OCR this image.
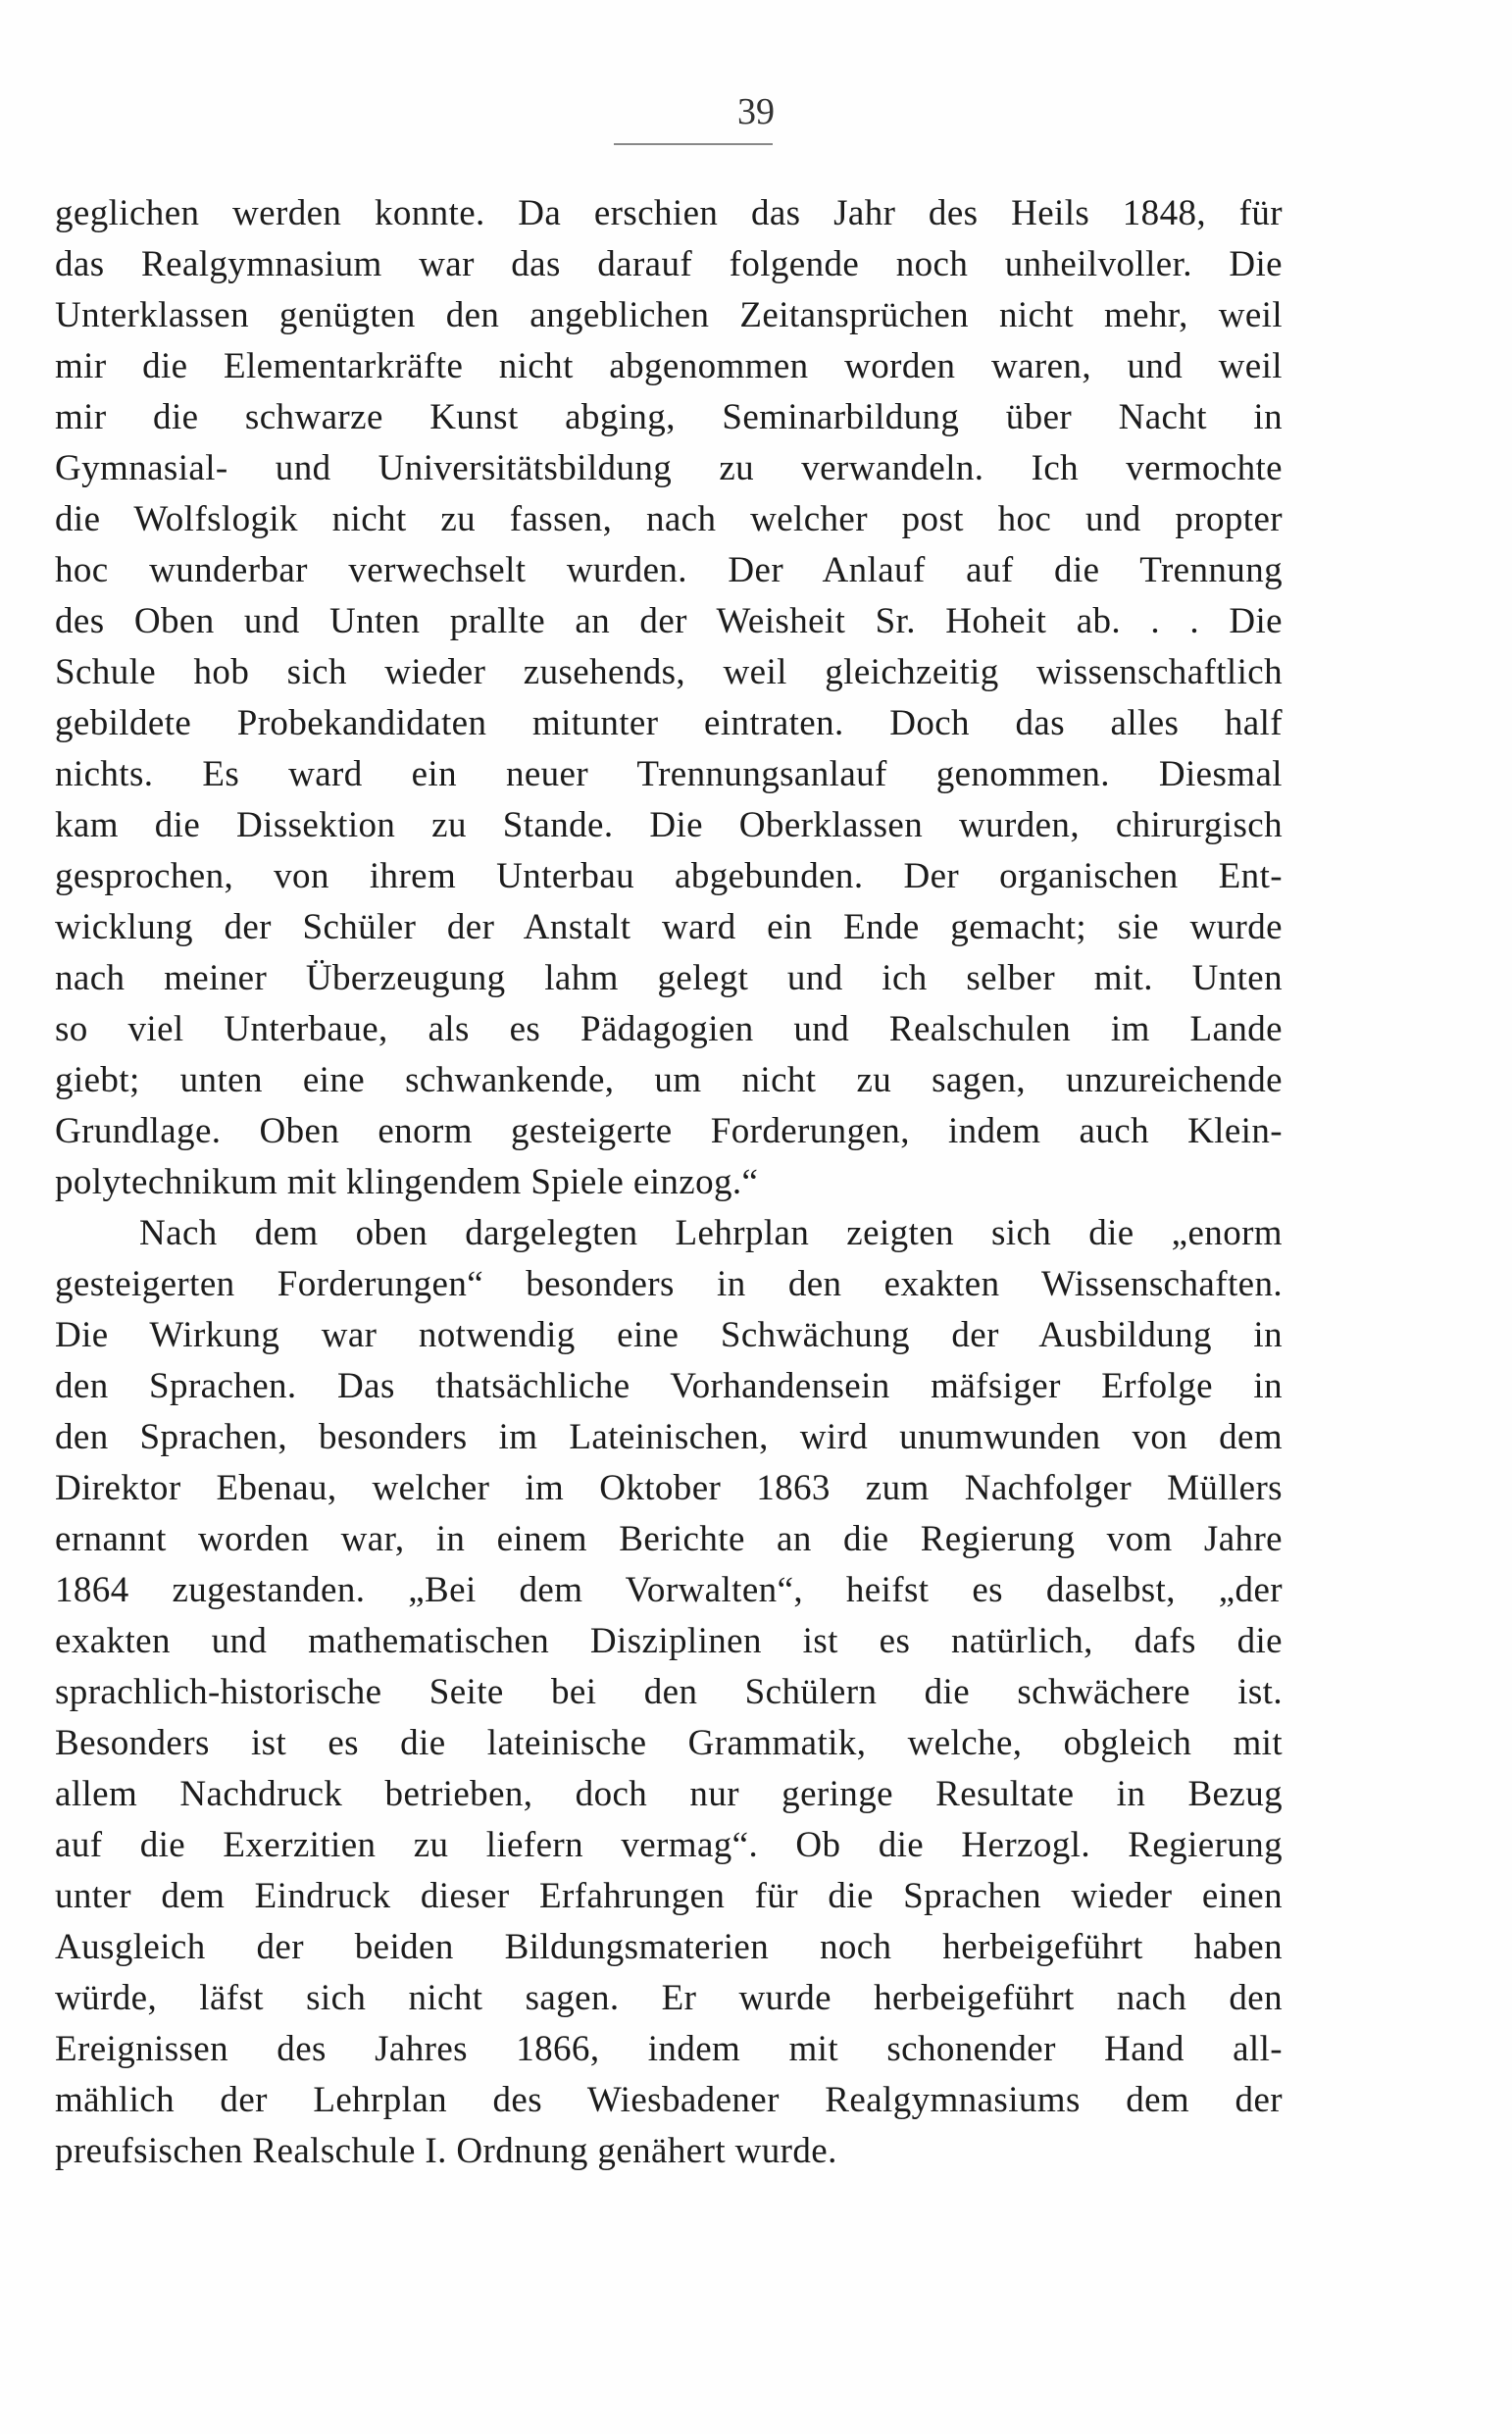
39
geglichen werden konnte. Da erschien das Jahr des Heils 1848, für
das Realgymnasium war das darauf folgende noch unheilvoller. Die
Unterklassen genügten den angeblichen Zeitansprüchen nicht mehr, weil
mir die Elementarkräfte nicht abgenommen worden waren, und weil
mir die schwarze Kunst abging, Seminarbildung über Nacht in
Gymnasial- und Universitätsbildung zu verwandeln. Ich vermochte
die Wolfslogik nicht zu fassen, nach welcher post hoc und propter
hoc wunderbar verwechselt wurden. Der Anlauf auf die Trennung
des Oben und Unten prallte an der Weisheit Sr. Hoheit ab. . . Die
Schule hob sich wieder zusehends, weil gleichzeitig wissenschaftlich
gebildete Probekandidaten mitunter eintraten. Doch das alles half
nichts. Es ward ein neuer Trennungsanlauf genommen. Diesmal
kam die Dissektion zu Stande. Die Oberklassen wurden, chirurgisch
gesprochen, von ihrem Unterbau abgebunden. Der organischen Ent-
wicklung der Schüler der Anstalt ward ein Ende gemacht; sie wurde
nach meiner Überzeugung lahm gelegt und ich selber mit. Unten
so viel Unterbaue, als es Pädagogien und Realschulen im Lande
giebt; unten eine schwankende, um nicht zu sagen, unzureichende
Grundlage. Oben enorm gesteigerte Forderungen, indem auch Klein-
polytechnikum mit klingendem Spiele einzog.“
Nach dem oben dargelegten Lehrplan zeigten sich die „enorm
gesteigerten Forderungen“ besonders in den exakten Wissenschaften.
Die Wirkung war notwendig eine Schwächung der Ausbildung in
den Sprachen. Das thatsächliche Vorhandensein mäfsiger Erfolge in
den Sprachen, besonders im Lateinischen, wird unumwunden von dem
Direktor Ebenau, welcher im Oktober 1863 zum Nachfolger Müllers
ernannt worden war, in einem Berichte an die Regierung vom Jahre
1864 zugestanden. „Bei dem Vorwalten“, heifst es daselbst, „der
exakten und mathematischen Disziplinen ist es natürlich, dafs die
sprachlich-historische Seite bei den Schülern die schwächere ist.
Besonders ist es die lateinische Grammatik, welche, obgleich mit
allem Nachdruck betrieben, doch nur geringe Resultate in Bezug
auf die Exerzitien zu liefern vermag“. Ob die Herzogl. Regierung
unter dem Eindruck dieser Erfahrungen für die Sprachen wieder einen
Ausgleich der beiden Bildungsmaterien noch herbeigeführt haben
würde, läfst sich nicht sagen. Er wurde herbeigeführt nach den
Ereignissen des Jahres 1866, indem mit schonender Hand all-
mählich der Lehrplan des Wiesbadener Realgymnasiums dem der
preufsischen Realschule I. Ordnung genähert wurde.
